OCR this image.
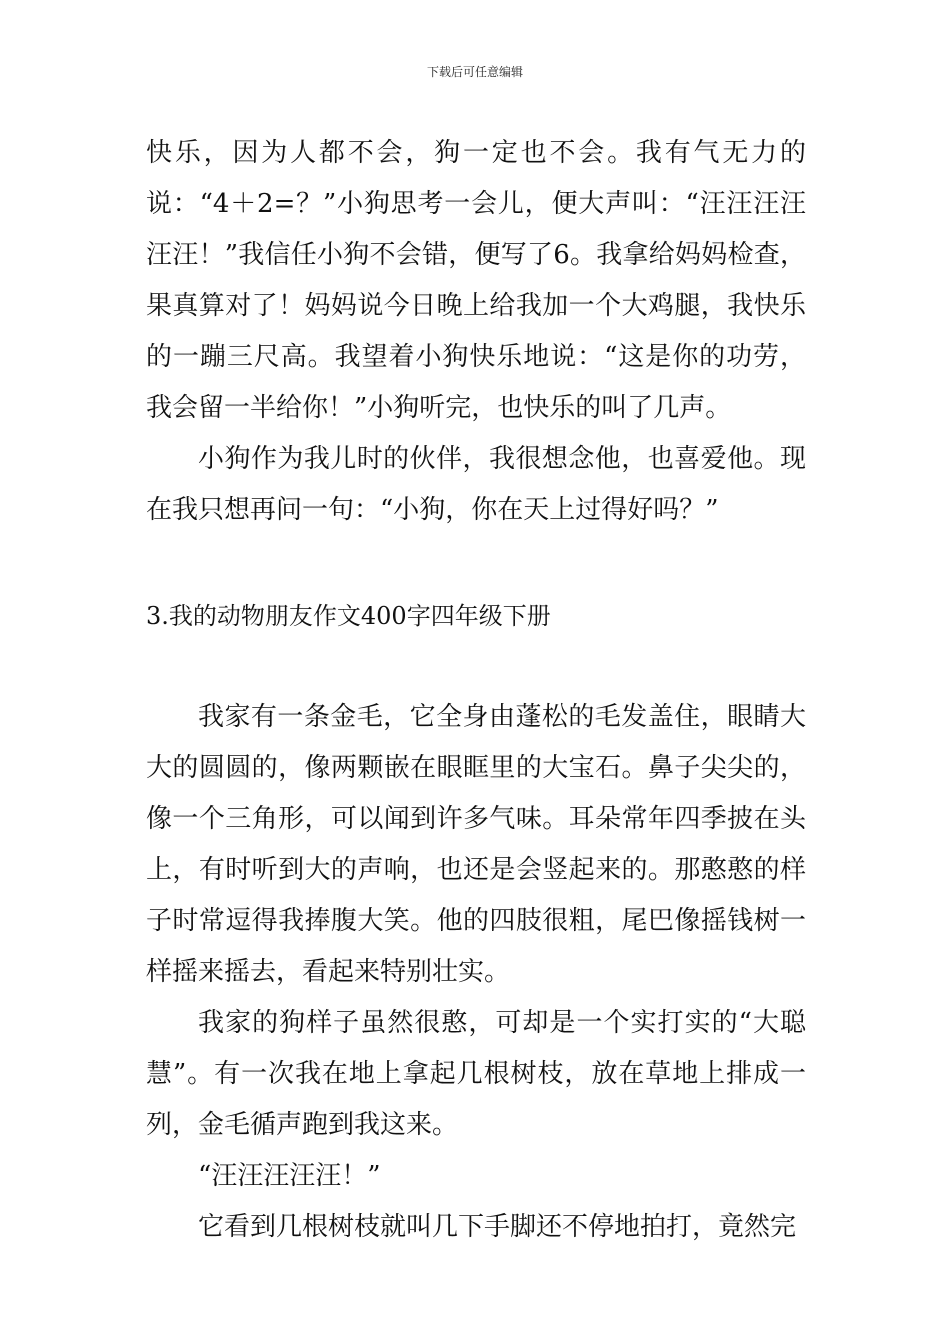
下载后可任意编辑

快乐，因为人都不会，狗一定也不会。我有气无力的说：“4＋2=？”小狗思考一会儿，便大声叫：“汪汪汪汪汪汪！”我信任小狗不会错，便写了6。我拿给妈妈检查，果真算对了！妈妈说今日晚上给我加一个大鸡腿，我快乐的一蹦三尺高。我望着小狗快乐地说：“这是你的功劳，我会留一半给你！”小狗听完，也快乐的叫了几声。

小狗作为我儿时的伙伴，我很想念他，也喜爱他。现在我只想再问一句：“小狗，你在天上过得好吗？”

3.我的动物朋友作文400字四年级下册

我家有一条金毛，它全身由蓬松的毛发盖住，眼睛大大的圆圆的，像两颗嵌在眼眶里的大宝石。鼻子尖尖的，像一个三角形，可以闻到许多气味。耳朵常年四季披在头上，有时听到大的声响，也还是会竖起来的。那憨憨的样子时常逗得我捧腹大笑。他的四肢很粗，尾巴像摇钱树一样摇来摇去，看起来特别壮实。

我家的狗样子虽然很憨，可却是一个实打实的“大聪慧”。有一次我在地上拿起几根树枝，放在草地上排成一列，金毛循声跑到我这来。

“汪汪汪汪汪！”

它看到几根树枝就叫几下手脚还不停地拍打，竟然完
